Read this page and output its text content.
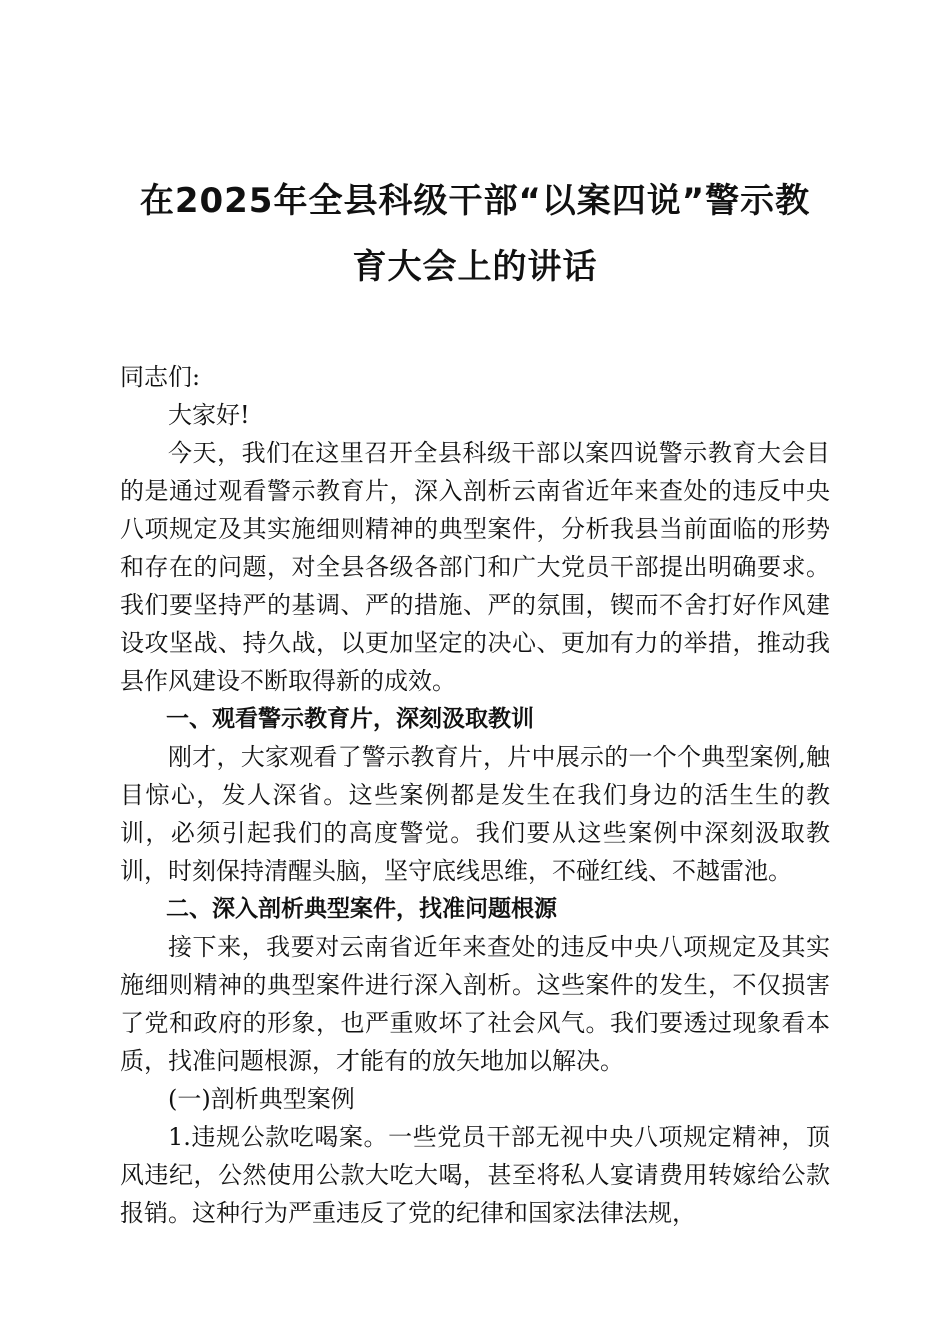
在2025年全县科级干部“以案四说”警示教
育大会上的讲话

同志们:

大家好!

今天，我们在这里召开全县科级干部以案四说警示教育大会目的是通过观看警示教育片，深入剖析云南省近年来查处的违反中央八项规定及其实施细则精神的典型案件，分析我县当前面临的形势和存在的问题，对全县各级各部门和广大党员干部提出明确要求。我们要坚持严的基调、严的措施、严的氛围，锲而不舍打好作风建设攻坚战、持久战，以更加坚定的决心、更加有力的举措，推动我县作风建设不断取得新的成效。

一、观看警示教育片，深刻汲取教训

刚才，大家观看了警示教育片，片中展示的一个个典型案例,触目惊心，发人深省。这些案例都是发生在我们身边的活生生的教训，必须引起我们的高度警觉。我们要从这些案例中深刻汲取教训，时刻保持清醒头脑，坚守底线思维，不碰红线、不越雷池。

二、深入剖析典型案件，找准问题根源

接下来，我要对云南省近年来查处的违反中央八项规定及其实施细则精神的典型案件进行深入剖析。这些案件的发生，不仅损害了党和政府的形象，也严重败坏了社会风气。我们要透过现象看本质，找准问题根源，才能有的放矢地加以解决。

(一)剖析典型案例

1.违规公款吃喝案。一些党员干部无视中央八项规定精神，顶风违纪，公然使用公款大吃大喝，甚至将私人宴请费用转嫁给公款报销。这种行为严重违反了党的纪律和国家法律法规，
